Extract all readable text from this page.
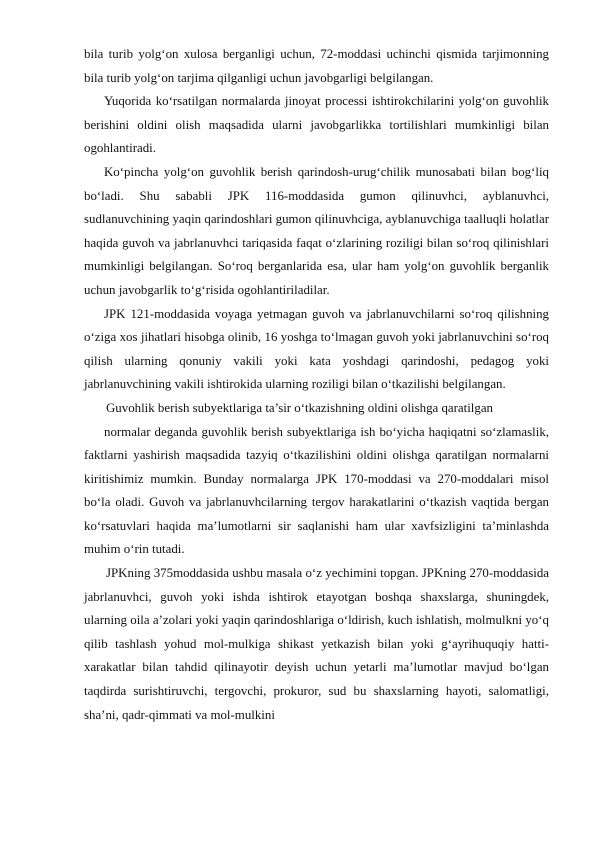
bila turib yolg‘on xulosa berganligi uchun, 72-moddasi uchinchi qismida tarjimonning bila turib yolg‘on tarjima qilganligi uchun javobgarligi belgilangan.

Yuqorida ko‘rsatilgan normalarda jinoyat processi ishtirokchilarini yolg‘on guvohlik berishini oldini olish maqsadida ularni javobgarlikka tortilishlari mumkinligi bilan ogohlantiradi.

Ko‘pincha yolg‘on guvohlik berish qarindosh-urug‘chilik munosabati bilan bog‘liq bo‘ladi. Shu sababli JPK 116-moddasida gumon qilinuvhci, ayblanuvhci, sudlanuvchining yaqin qarindoshlari gumon qilinuvhciga, ayblanuvchiga taalluqli holatlar haqida guvoh va jabrlanuvhci tariqasida faqat o‘zlarining roziligi bilan so‘roq qilinishlari mumkinligi belgilangan. So‘roq berganlarida esa, ular ham yolg‘on guvohlik berganlik uchun javobgarlik to‘g‘risida ogohlantiriladilar.

JPK 121-moddasida voyaga yetmagan guvoh va jabrlanuvchilarni so‘roq qilishning o‘ziga xos jihatlari hisobga olinib, 16 yoshga to‘lmagan guvoh yoki jabrlanuvchini so‘roq qilish ularning qonuniy vakili yoki kata yoshdagi qarindoshi, pedagog yoki jabrlanuvchining vakili ishtirokida ularning roziligi bilan o‘tkazilishi belgilangan.

Guvohlik berish subyektlariga ta’sir o‘tkazishning oldini olishga qaratilgan

normalar deganda guvohlik berish subyektlariga ish bo‘yicha haqiqatni so‘zlamaslik, faktlarni yashirish maqsadida tazyiq o‘tkazilishini oldini olishga qaratilgan normalarni kiritishimiz mumkin. Bunday normalarga JPK 170-moddasi va 270-moddalari misol bo‘la oladi. Guvoh va jabrlanuvhcilarning tergov harakatlarini o‘tkazish vaqtida bergan ko‘rsatuvlari haqida ma’lumotlarni sir saqlanishi ham ular xavfsizligini ta’minlashda muhim o‘rin tutadi.

JPKning 375moddasida ushbu masala o‘z yechimini topgan. JPKning 270-moddasida jabrlanuvhci, guvoh yoki ishda ishtirok etayotgan boshqa shaxslarga, shuningdek, ularning oila a’zolari yoki yaqin qarindoshlariga o‘ldirish, kuch ishlatish, molmulkni yo‘q qilib tashlash yohud mol-mulkiga shikast yetkazish bilan yoki g‘ayrihuquqiy hatti-xarakatlar bilan tahdid qilinayotir deyish uchun yetarli ma’lumotlar mavjud bo‘lgan taqdirda surishtiruvchi, tergovchi, prokuror, sud bu shaxslarning hayoti, salomatligi, sha’ni, qadr-qimmati va mol-mulkini
